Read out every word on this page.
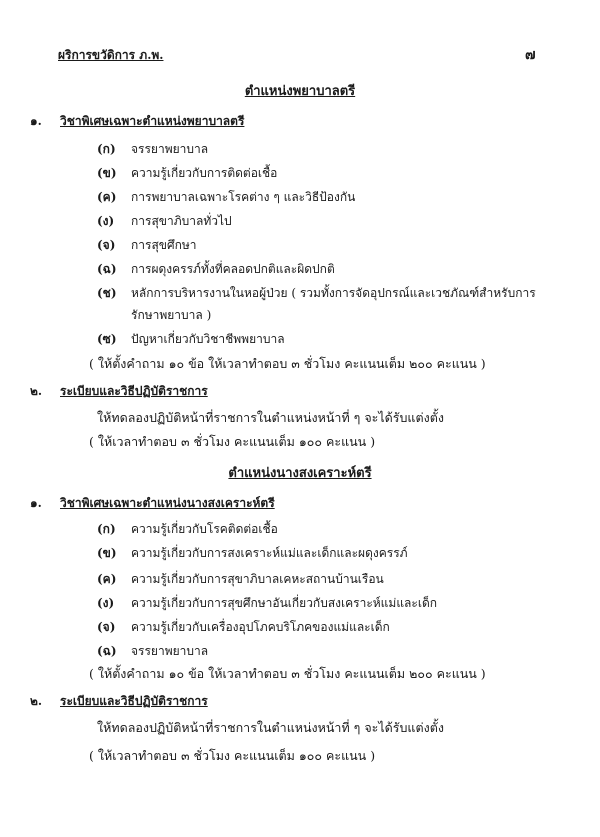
ผริการขวัดิการ ภ.พ.	๗
ตำแหน่งพยาบาลตรี
๑. วิชาพิเศษเฉพาะตำแหน่งพยาบาลตรี
(ก) จรรยาพยาบาล
(ข) ความรู้เกี่ยวกับการติดต่อเชื้อ
(ค) การพยาบาลเฉพาะโรคต่าง ๆ และวิธีป้องกัน
(ง) การสุขาภิบาลทั่วไป
(จ) การสุขศึกษา
(ฉ) การผดุงครรภ์ทั้งที่คลอดปกติและผิดปกติ
(ช) หลักการบริหารงานในหอผู้ป่วย ( รวมทั้งการจัดอุปกรณ์และเวชภัณฑ์สำหรับการ
รักษาพยาบาล )
(ซ) ปัญหาเกี่ยวกับวิชาชีพพยาบาล
( ให้ตั้งคำถาม ๑๐ ข้อ ให้เวลาทำตอบ ๓ ชั่วโมง คะแนนเต็ม ๒๐๐ คะแนน )
๒. ระเบียบและวิธีปฏิบัติราชการ
ให้ทดลองปฏิบัติหน้าที่ราชการในตำแหน่งหน้าที่ ๆ จะได้รับแต่งตั้ง
( ให้เวลาทำตอบ ๓ ชั่วโมง คะแนนเต็ม ๑๐๐ คะแนน )
ตำแหน่งนางสงเคราะห์ตรี
๑. วิชาพิเศษเฉพาะตำแหน่งนางสงเคราะห์ตรี
(ก) ความรู้เกี่ยวกับโรคติดต่อเชื้อ
(ข) ความรู้เกี่ยวกับการสงเคราะห์แม่และเด็กและผดุงครรภ์
(ค) ความรู้เกี่ยวกับการสุขาภิบาลเคหะสถานบ้านเรือน
(ง) ความรู้เกี่ยวกับการสุขศึกษาอันเกี่ยวกับสงเคราะห์แม่และเด็ก
(จ) ความรู้เกี่ยวกับเครื่องอุปโภคบริโภคของแม่และเด็ก
(ฉ) จรรยาพยาบาล
( ให้ตั้งคำถาม ๑๐ ข้อ ให้เวลาทำตอบ ๓ ชั่วโมง คะแนนเต็ม ๒๐๐ คะแนน )
๒. ระเบียบและวิธีปฏิบัติราชการ
ให้ทดลองปฏิบัติหน้าที่ราชการในตำแหน่งหน้าที่ ๆ จะได้รับแต่งตั้ง
( ให้เวลาทำตอบ ๓ ชั่วโมง คะแนนเต็ม ๑๐๐ คะแนน )
